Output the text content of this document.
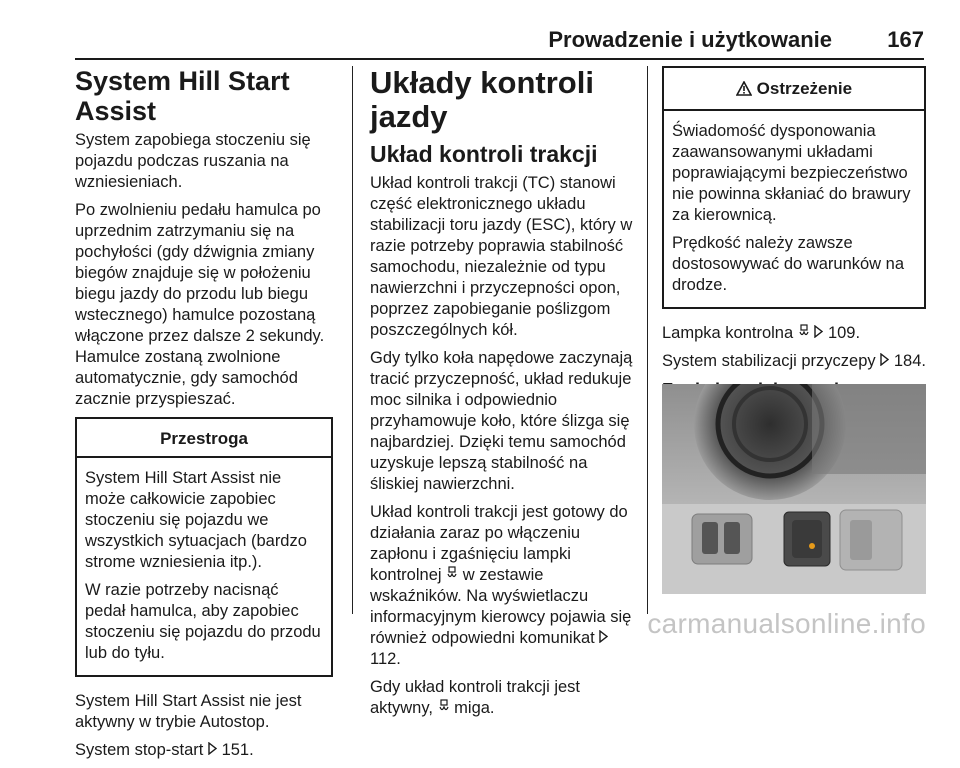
Prowadzenie i użytkowanie	167
System Hill Start Assist

System zapobiega stoczeniu się pojazdu podczas ruszania na wzniesieniach.

Po zwolnieniu pedału hamulca po uprzednim zatrzymaniu się na pochyłości (gdy dźwignia zmiany biegów znajduje się w położeniu biegu jazdy do przodu lub biegu wstecznego) hamulce pozostaną włączone przez dalsze 2 sekundy. Hamulce zostaną zwolnione automatycznie, gdy samochód zacznie przyspieszać.

Przestroga

System Hill Start Assist nie może całkowicie zapobiec stoczeniu się pojazdu we wszystkich sytuacjach (bardzo strome wzniesienia itp.).

W razie potrzeby nacisnąć pedał hamulca, aby zapobiec stoczeniu się pojazdu do przodu lub do tyłu.

System Hill Start Assist nie jest aktywny w trybie Autostop.

System stop-start 151.

Układy kontroli jazdy
Układ kontroli trakcji

Układ kontroli trakcji (TC) stanowi część elektronicznego układu stabilizacji toru jazdy (ESC), który w razie potrzeby poprawia stabilność samochodu, niezależnie od typu nawierzchni i przyczepności opon, poprzez zapobieganie poślizgom poszczególnych kół.

Gdy tylko koła napędowe zaczynają tracić przyczepność, układ redukuje moc silnika i odpowiednio przyhamowuje koło, które ślizga się najbardziej. Dzięki temu samochód uzyskuje lepszą stabilność na śliskiej nawierzchni.

Układ kontroli trakcji jest gotowy do działania zaraz po włączeniu zapłonu i zgaśnięciu lampki kontrolnej w zestawie wskaźników. Na wyświetlaczu informacyjnym kierowcy pojawia się również odpowiedni komunikat  112.

Gdy układ kontroli trakcji jest aktywny, miga.

Ostrzeżenie

Świadomość dysponowania zaawansowanymi układami poprawiającymi bezpieczeństwo nie powinna skłaniać do brawury za kierownicą.

Prędkość należy zawsze dostosowywać do warunków na drodze.

Lampka kontrolna 109.

System stabilizacji przyczepy 184.

carmanualsonline.info
